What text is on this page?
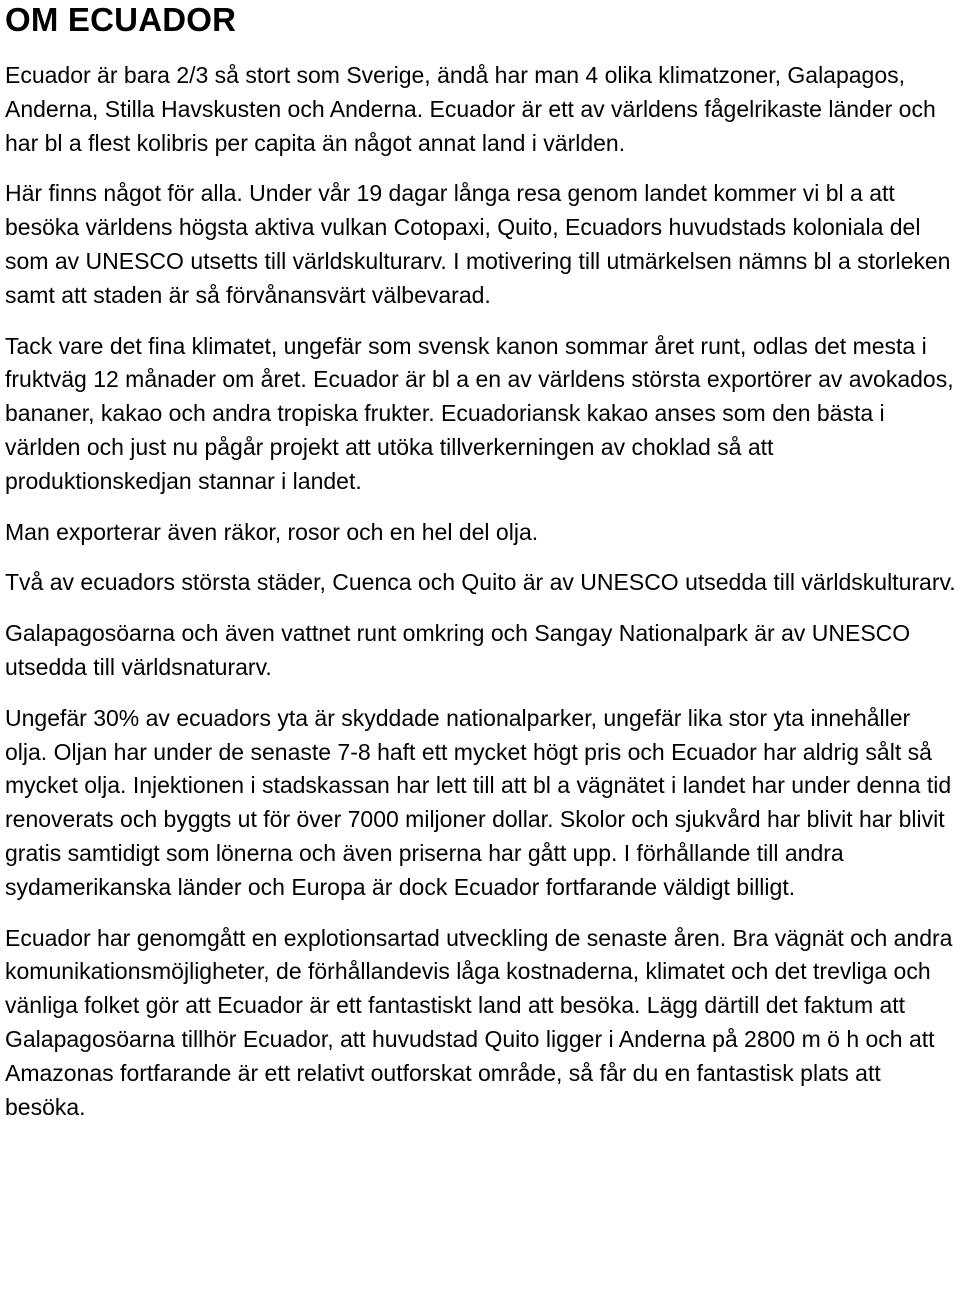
OM ECUADOR

Ecuador är bara 2/3 så stort som Sverige, ändå har man 4 olika klimatzoner, Galapagos, Anderna, Stilla Havskusten och Anderna. Ecuador är ett av världens fågelrikaste länder och har bl a flest kolibris per capita än något annat land i världen.

Här finns något för alla. Under vår 19 dagar långa resa genom landet kommer vi bl a att besöka världens högsta aktiva vulkan Cotopaxi, Quito, Ecuadors huvudstads koloniala del som av UNESCO utsetts till världskulturarv. I motivering till utmärkelsen nämns bl a storleken samt att staden är så förvånansvärt välbevarad.

Tack vare det fina klimatet, ungefär som svensk kanon sommar året runt, odlas det mesta i fruktväg 12 månader om året. Ecuador är bl a en av världens största exportörer av avokados, bananer, kakao och andra tropiska frukter. Ecuadoriansk kakao anses som den bästa i världen och just nu pågår projekt att utöka tillverkerningen av choklad så att produktionskedjan stannar i landet.

Man exporterar även räkor, rosor och en hel del olja.

Två av ecuadors största städer, Cuenca och Quito är av UNESCO utsedda till världskulturarv.

Galapagosöarna och även vattnet runt omkring och Sangay Nationalpark är av UNESCO utsedda till världsnaturarv.

Ungefär 30% av ecuadors yta är skyddade nationalparker, ungefär lika stor yta innehåller olja. Oljan har under de senaste 7-8 haft ett mycket högt pris och Ecuador har aldrig sålt så mycket olja. Injektionen i stadskassan har lett till att bl a vägnätet i landet har under denna tid renoverats och byggts ut för över 7000 miljoner dollar. Skolor och sjukvård har blivit har blivit gratis samtidigt som lönerna och även priserna har gått upp. I förhållande till andra sydamerikanska länder och Europa är dock Ecuador fortfarande väldigt billigt.

Ecuador har genomgått en explotionsartad utveckling de senaste åren. Bra vägnät och andra komunikationsmöjligheter, de förhållandevis låga kostnaderna, klimatet och det trevliga och vänliga folket gör att Ecuador är ett fantastiskt land att besöka. Lägg därtill det faktum att Galapagosöarna tillhör Ecuador, att huvudstad Quito ligger i Anderna på 2800 m ö h och att Amazonas fortfarande är ett relativt outforskat område, så får du en fantastisk plats att besöka.
